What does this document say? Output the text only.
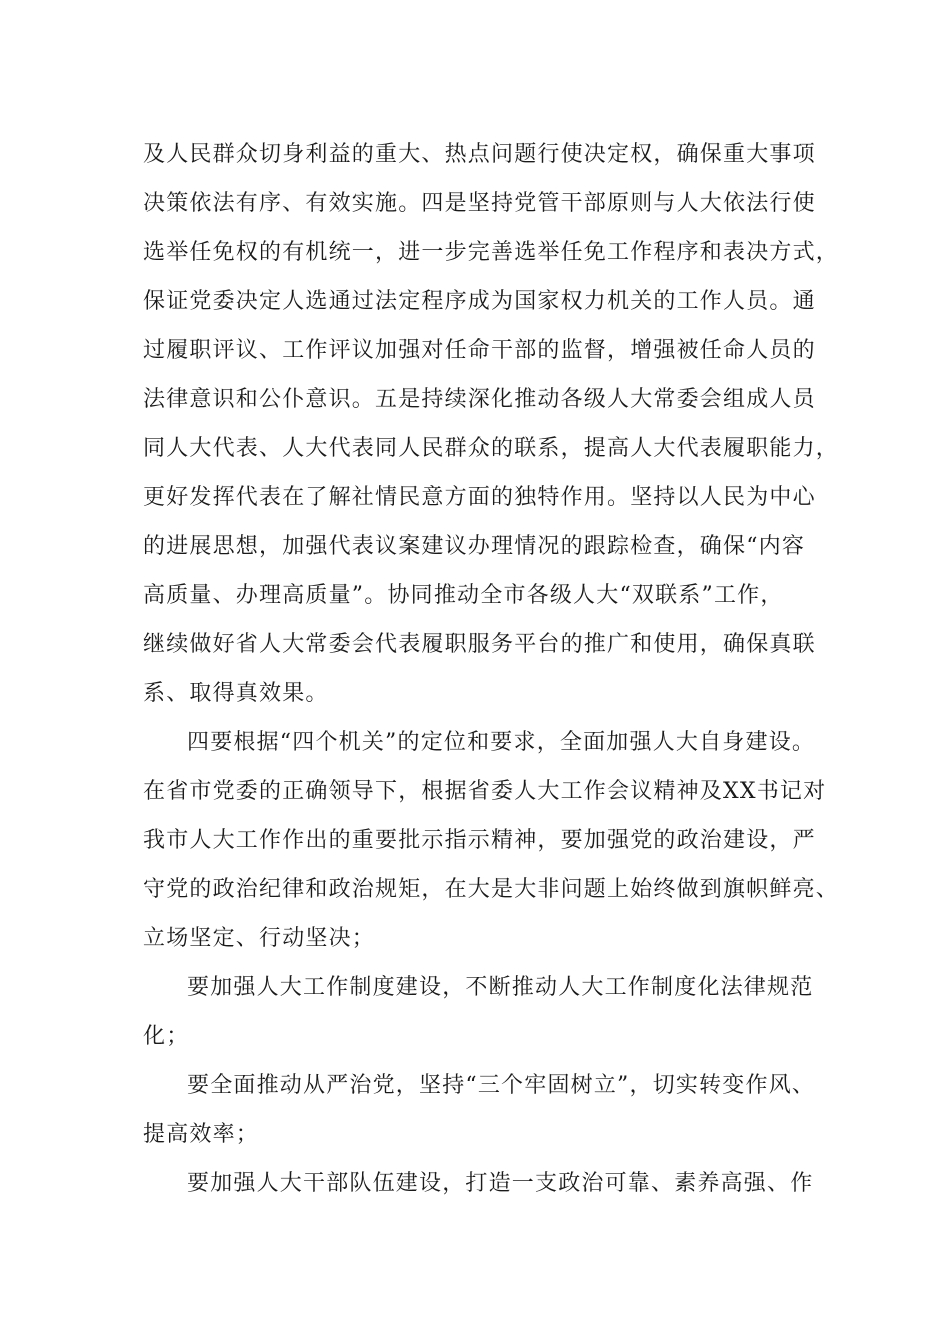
及人民群众切身利益的重大、热点问题行使决定权，确保重大事项
决策依法有序、有效实施。四是坚持党管干部原则与人大依法行使
选举任免权的有机统一，进一步完善选举任免工作程序和表决方式，
保证党委决定人选通过法定程序成为国家权力机关的工作人员。通
过履职评议、工作评议加强对任命干部的监督，增强被任命人员的
法律意识和公仆意识。五是持续深化推动各级人大常委会组成人员
同人大代表、人大代表同人民群众的联系，提高人大代表履职能力，
更好发挥代表在了解社情民意方面的独特作用。坚持以人民为中心
的进展思想，加强代表议案建议办理情况的跟踪检查，确保“内容
高质量、办理高质量”。协同推动全市各级人大“双联系”工作，
继续做好省人大常委会代表履职服务平台的推广和使用，确保真联
系、取得真效果。
四要根据“四个机关”的定位和要求，全面加强人大自身建设。
在省市党委的正确领导下，根据省委人大工作会议精神及XX书记对
我市人大工作作出的重要批示指示精神，要加强党的政治建设，严
守党的政治纪律和政治规矩，在大是大非问题上始终做到旗帜鲜亮、
立场坚定、行动坚决；
要加强人大工作制度建设，不断推动人大工作制度化法律规范
化；
要全面推动从严治党，坚持“三个牢固树立”，切实转变作风、
提高效率；
要加强人大干部队伍建设，打造一支政治可靠、素养高强、作
